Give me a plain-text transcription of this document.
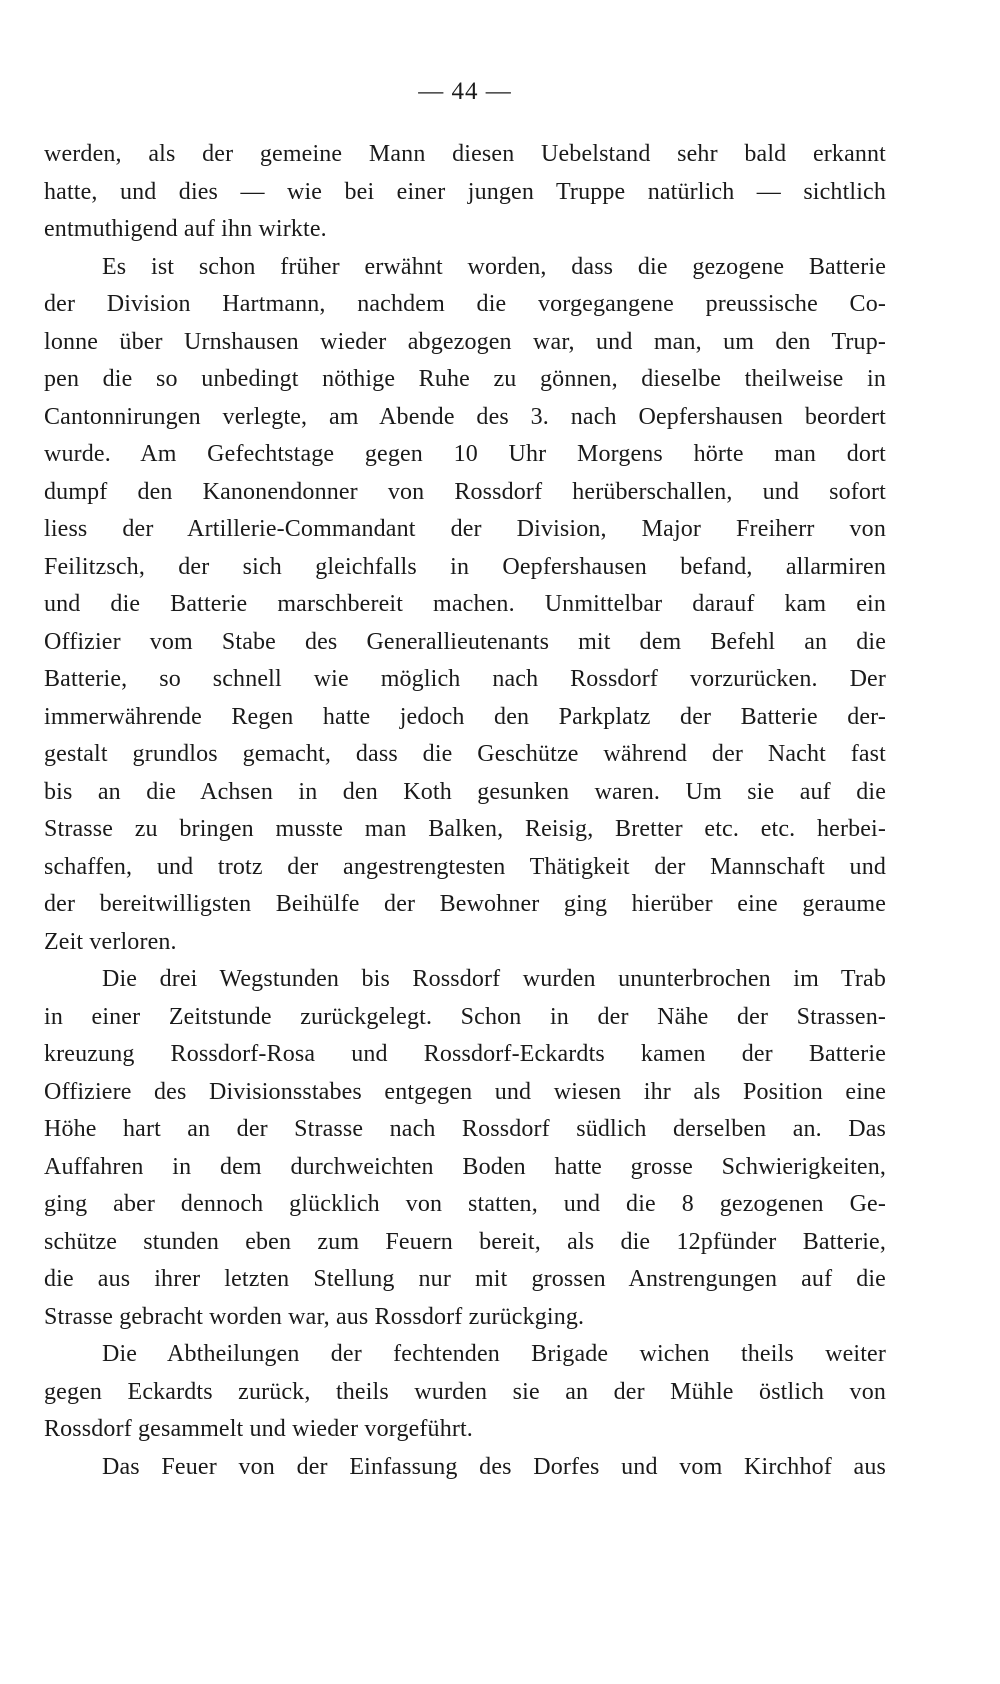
— 44 —
werden, als der gemeine Mann diesen Uebelstand sehr bald erkannt
hatte, und dies — wie bei einer jungen Truppe natürlich — sichtlich
entmuthigend auf ihn wirkte.
Es ist schon früher erwähnt worden, dass die gezogene Batterie
der Division Hartmann, nachdem die vorgegangene preussische Co-
lonne über Urnshausen wieder abgezogen war, und man, um den Trup-
pen die so unbedingt nöthige Ruhe zu gönnen, dieselbe theilweise in
Cantonnirungen verlegte, am Abende des 3. nach Oepfershausen beordert
wurde. Am Gefechtstage gegen 10 Uhr Morgens hörte man dort
dumpf den Kanonendonner von Rossdorf herüberschallen, und sofort
liess der Artillerie-Commandant der Division, Major Freiherr von
Feilitzsch, der sich gleichfalls in Oepfershausen befand, allarmiren
und die Batterie marschbereit machen. Unmittelbar darauf kam ein
Offizier vom Stabe des Generallieutenants mit dem Befehl an die
Batterie, so schnell wie möglich nach Rossdorf vorzurücken. Der
immerwährende Regen hatte jedoch den Parkplatz der Batterie der-
gestalt grundlos gemacht, dass die Geschütze während der Nacht fast
bis an die Achsen in den Koth gesunken waren. Um sie auf die
Strasse zu bringen musste man Balken, Reisig, Bretter etc. etc. herbei-
schaffen, und trotz der angestrengtesten Thätigkeit der Mannschaft und
der bereitwilligsten Beihülfe der Bewohner ging hierüber eine geraume
Zeit verloren.
Die drei Wegstunden bis Rossdorf wurden ununterbrochen im Trab
in einer Zeitstunde zurückgelegt. Schon in der Nähe der Strassen-
kreuzung Rossdorf-Rosa und Rossdorf-Eckardts kamen der Batterie
Offiziere des Divisionsstabes entgegen und wiesen ihr als Position eine
Höhe hart an der Strasse nach Rossdorf südlich derselben an. Das
Auffahren in dem durchweichten Boden hatte grosse Schwierigkeiten,
ging aber dennoch glücklich von statten, und die 8 gezogenen Ge-
schütze stunden eben zum Feuern bereit, als die 12pfünder Batterie,
die aus ihrer letzten Stellung nur mit grossen Anstrengungen auf die
Strasse gebracht worden war, aus Rossdorf zurückging.
Die Abtheilungen der fechtenden Brigade wichen theils weiter
gegen Eckardts zurück, theils wurden sie an der Mühle östlich von
Rossdorf gesammelt und wieder vorgeführt.
Das Feuer von der Einfassung des Dorfes und vom Kirchhof aus
